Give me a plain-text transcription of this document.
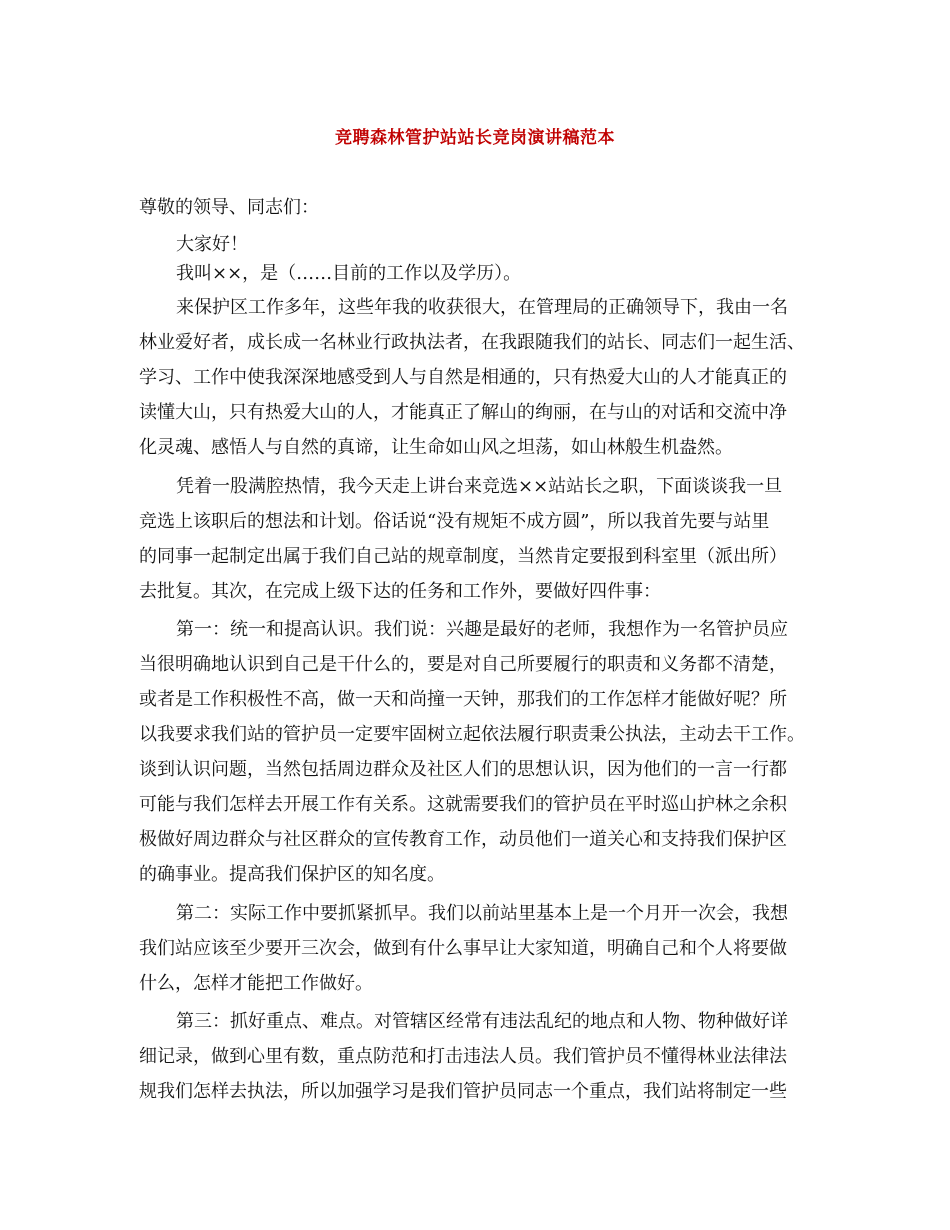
竞聘森林管护站站长竞岗演讲稿范本
尊敬的领导、同志们：
大家好！
我叫××，是（……目前的工作以及学历）。
来保护区工作多年，这些年我的收获很大，在管理局的正确领导下，我由一名
林业爱好者，成长成一名林业行政执法者，在我跟随我们的站长、同志们一起生活、
学习、工作中使我深深地感受到人与自然是相通的，只有热爱大山的人才能真正的
读懂大山，只有热爱大山的人，才能真正了解山的绚丽，在与山的对话和交流中净
化灵魂、感悟人与自然的真谛，让生命如山风之坦荡，如山林般生机盎然。
凭着一股满腔热情，我今天走上讲台来竞选××站站长之职，下面谈谈我一旦
竞选上该职后的想法和计划。俗话说“没有规矩不成方圆”，所以我首先要与站里
的同事一起制定出属于我们自己站的规章制度，当然肯定要报到科室里（派出所）
去批复。其次，在完成上级下达的任务和工作外，要做好四件事：
第一：统一和提高认识。我们说：兴趣是最好的老师，我想作为一名管护员应
当很明确地认识到自己是干什么的，要是对自己所要履行的职责和义务都不清楚，
或者是工作积极性不高，做一天和尚撞一天钟，那我们的工作怎样才能做好呢？所
以我要求我们站的管护员一定要牢固树立起依法履行职责秉公执法，主动去干工作。
谈到认识问题，当然包括周边群众及社区人们的思想认识，因为他们的一言一行都
可能与我们怎样去开展工作有关系。这就需要我们的管护员在平时巡山护林之余积
极做好周边群众与社区群众的宣传教育工作，动员他们一道关心和支持我们保护区
的确事业。提高我们保护区的知名度。
第二：实际工作中要抓紧抓早。我们以前站里基本上是一个月开一次会，我想
我们站应该至少要开三次会，做到有什么事早让大家知道，明确自己和个人将要做
什么，怎样才能把工作做好。
第三：抓好重点、难点。对管辖区经常有违法乱纪的地点和人物、物种做好详
细记录，做到心里有数，重点防范和打击违法人员。我们管护员不懂得林业法律法
规我们怎样去执法，所以加强学习是我们管护员同志一个重点，我们站将制定一些
